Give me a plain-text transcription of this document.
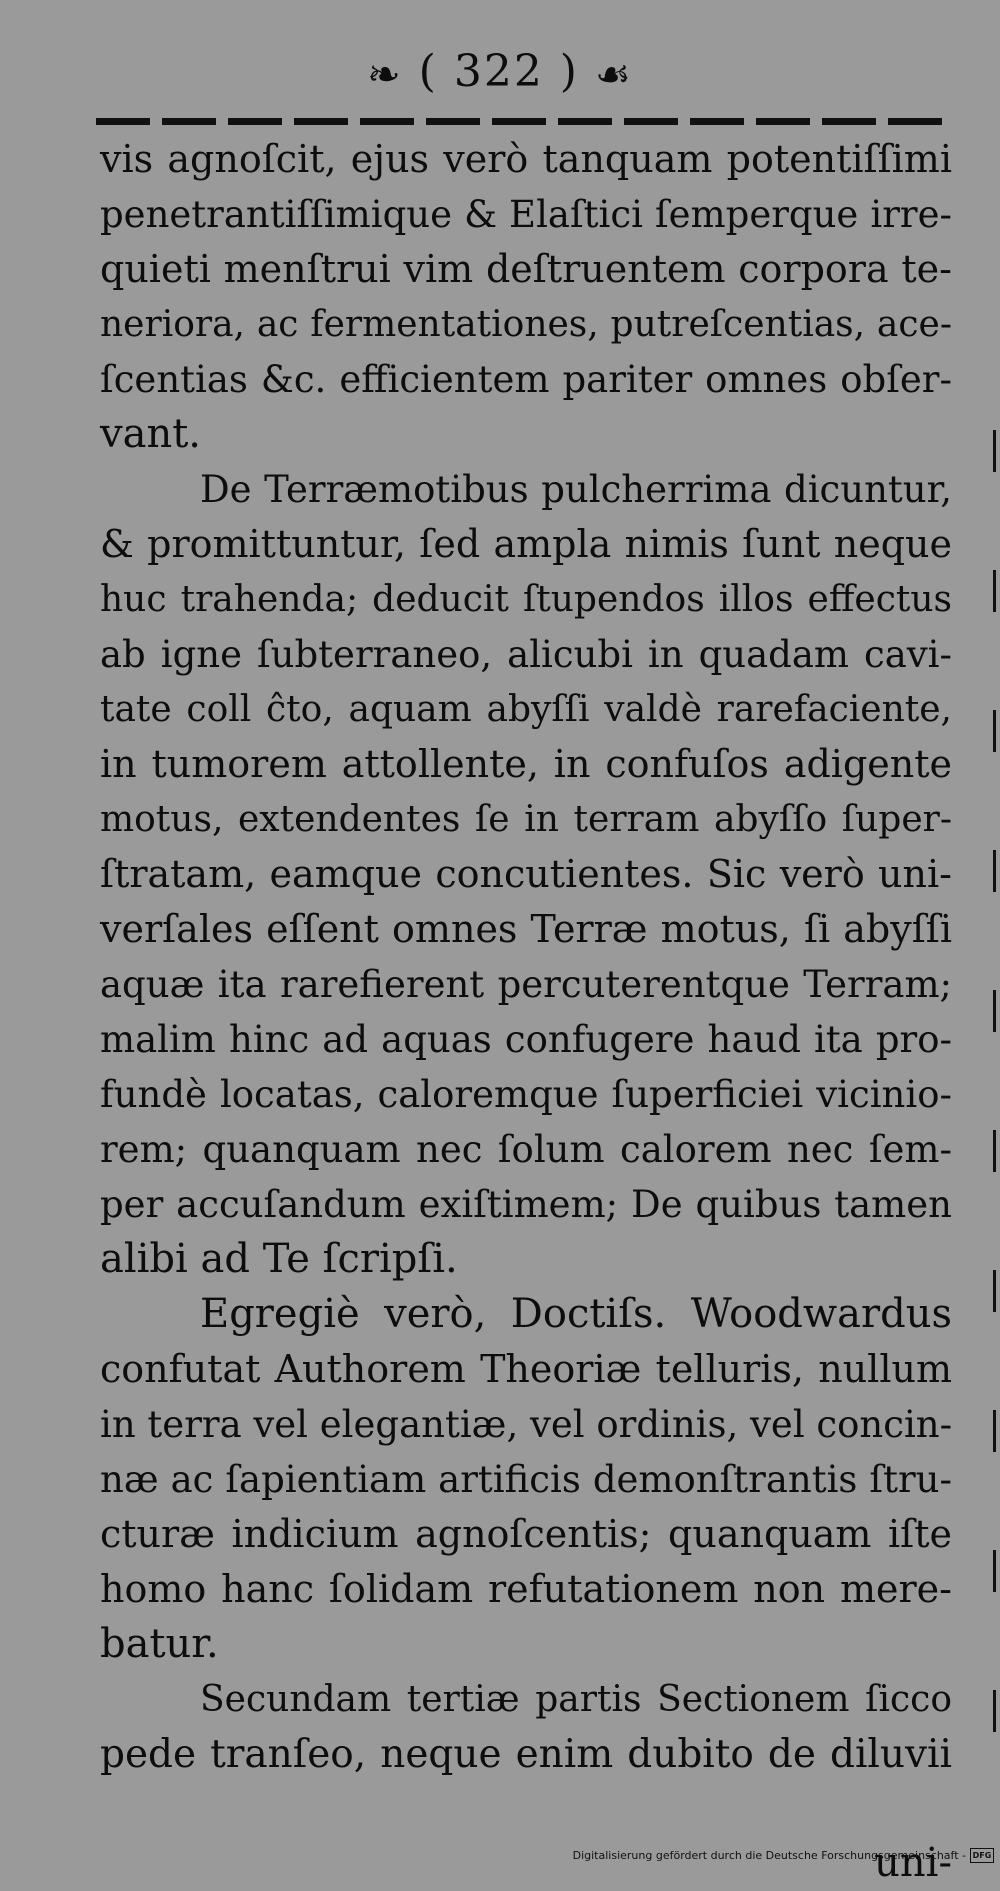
❧ ( 322 ) ☙
vis agnoſcit, ejus verò tanquam potentiſſimi
penetrantiſſimique & Elaſtici ſemperque irre-
quieti menſtrui vim deſtruentem corpora te-
neriora, ac fermentationes, putreſcentias, ace-
ſcentias &c. efficientem pariter omnes obſer-
vant.
De Terræmotibus pulcherrima dicuntur,
& promittuntur, ſed ampla nimis ſunt neque
huc trahenda; deducit ſtupendos illos effectus
ab igne ſubterraneo, alicubi in quadam cavi-
tate coll ĉto, aquam abyſſi valdè rarefaciente,
in tumorem attollente, in confuſos adigente
motus, extendentes ſe in terram abyſſo ſuper-
ſtratam, eamque concutientes. Sic verò uni-
verſales eſſent omnes Terræ motus, ſi abyſſi
aquæ ita rarefierent percuterentque Terram;
malim hinc ad aquas confugere haud ita pro-
fundè locatas, caloremque ſuperficiei vicinio-
rem; quanquam nec ſolum calorem nec ſem-
per accuſandum exiſtimem; De quibus tamen
alibi ad Te ſcripſi.
Egregiè verò, Doctiſs. Woodwardus
confutat Authorem Theoriæ telluris, nullum
in terra vel elegantiæ, vel ordinis, vel concin-
næ ac ſapientiam artificis demonſtrantis ſtru-
cturæ indicium agnoſcentis; quanquam iſte
homo hanc ſolidam refutationem non mere-
batur.
Secundam tertiæ partis Sectionem ſicco
pede tranſeo, neque enim dubito de diluvii
uni-
Digitalisierung gefördert durch die Deutsche Forschungsgemeinschaft - DFG
